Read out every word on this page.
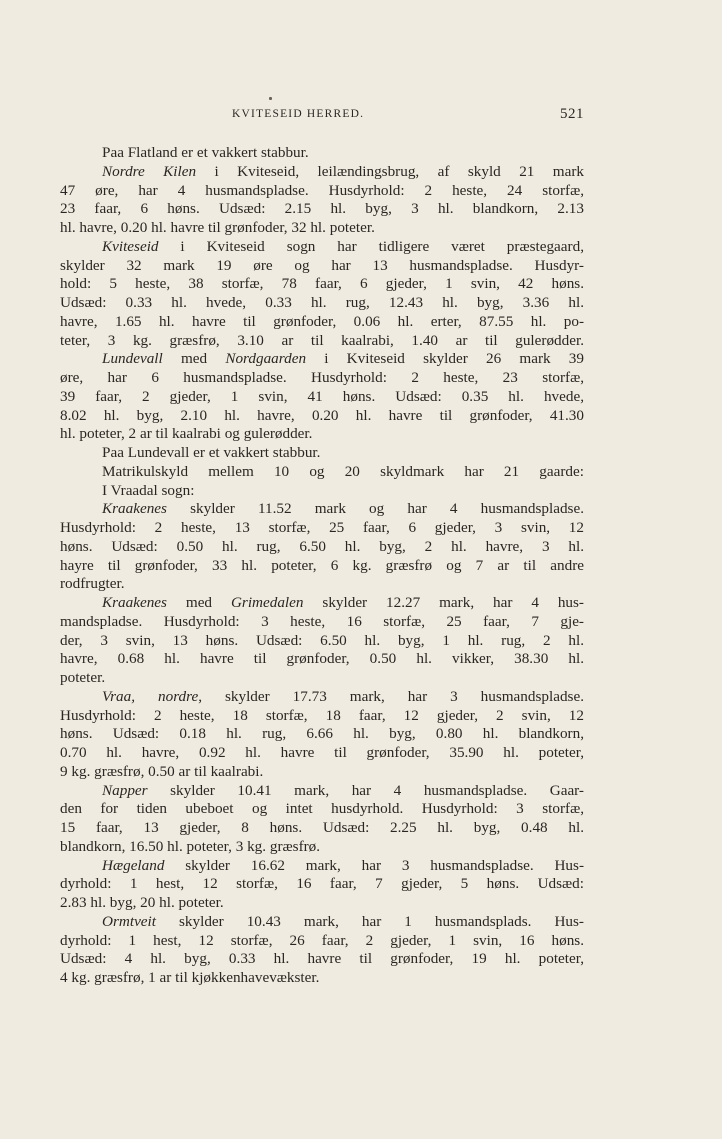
KVITESEID HERRED.	521
Paa Flatland er et vakkert stabbur.
Nordre Kilen i Kviteseid, leilændingsbrug, af skyld 21 mark
47 øre, har 4 husmandspladse. Husdyrhold: 2 heste, 24 storfæ,
23 faar, 6 høns. Udsæd: 2.15 hl. byg, 3 hl. blandkorn, 2.13
hl. havre, 0.20 hl. havre til grønfoder, 32 hl. poteter.
Kviteseid i Kviteseid sogn har tidligere været præstegaard,
skylder 32 mark 19 øre og har 13 husmandspladse. Husdyr-
hold: 5 heste, 38 storfæ, 78 faar, 6 gjeder, 1 svin, 42 høns.
Udsæd: 0.33 hl. hvede, 0.33 hl. rug, 12.43 hl. byg, 3.36 hl.
havre, 1.65 hl. havre til grønfoder, 0.06 hl. erter, 87.55 hl. po-
teter, 3 kg. græsfrø, 3.10 ar til kaalrabi, 1.40 ar til gulerødder.
Lundevall med Nordgaarden i Kviteseid skylder 26 mark 39
øre, har 6 husmandspladse. Husdyrhold: 2 heste, 23 storfæ,
39 faar, 2 gjeder, 1 svin, 41 høns. Udsæd: 0.35 hl. hvede,
8.02 hl. byg, 2.10 hl. havre, 0.20 hl. havre til grønfoder, 41.30
hl. poteter, 2 ar til kaalrabi og gulerødder.
Paa Lundevall er et vakkert stabbur.
Matrikulskyld mellem 10 og 20 skyldmark har 21 gaarde:
I Vraadal sogn:
Kraakenes skylder 11.52 mark og har 4 husmandspladse.
Husdyrhold: 2 heste, 13 storfæ, 25 faar, 6 gjeder, 3 svin, 12
høns. Udsæd: 0.50 hl. rug, 6.50 hl. byg, 2 hl. havre, 3 hl.
hayre til grønfoder, 33 hl. poteter, 6 kg. græsfrø og 7 ar til andre
rodfrugter.
Kraakenes med Grimedalen skylder 12.27 mark, har 4 hus-
mandspladse. Husdyrhold: 3 heste, 16 storfæ, 25 faar, 7 gje-
der, 3 svin, 13 høns. Udsæd: 6.50 hl. byg, 1 hl. rug, 2 hl.
havre, 0.68 hl. havre til grønfoder, 0.50 hl. vikker, 38.30 hl.
poteter.
Vraa, nordre, skylder 17.73 mark, har 3 husmandspladse.
Husdyrhold: 2 heste, 18 storfæ, 18 faar, 12 gjeder, 2 svin, 12
høns. Udsæd: 0.18 hl. rug, 6.66 hl. byg, 0.80 hl. blandkorn,
0.70 hl. havre, 0.92 hl. havre til grønfoder, 35.90 hl. poteter,
9 kg. græsfrø, 0.50 ar til kaalrabi.
Napper skylder 10.41 mark, har 4 husmandspladse. Gaar-
den for tiden ubeboet og intet husdyrhold. Husdyrhold: 3 storfæ,
15 faar, 13 gjeder, 8 høns. Udsæd: 2.25 hl. byg, 0.48 hl.
blandkorn, 16.50 hl. poteter, 3 kg. græsfrø.
Hægeland skylder 16.62 mark, har 3 husmandspladse. Hus-
dyrhold: 1 hest, 12 storfæ, 16 faar, 7 gjeder, 5 høns. Udsæd:
2.83 hl. byg, 20 hl. poteter.
Ormtveit skylder 10.43 mark, har 1 husmandsplads. Hus-
dyrhold: 1 hest, 12 storfæ, 26 faar, 2 gjeder, 1 svin, 16 høns.
Udsæd: 4 hl. byg, 0.33 hl. havre til grønfoder, 19 hl. poteter,
4 kg. græsfrø, 1 ar til kjøkkenhavevækster.
